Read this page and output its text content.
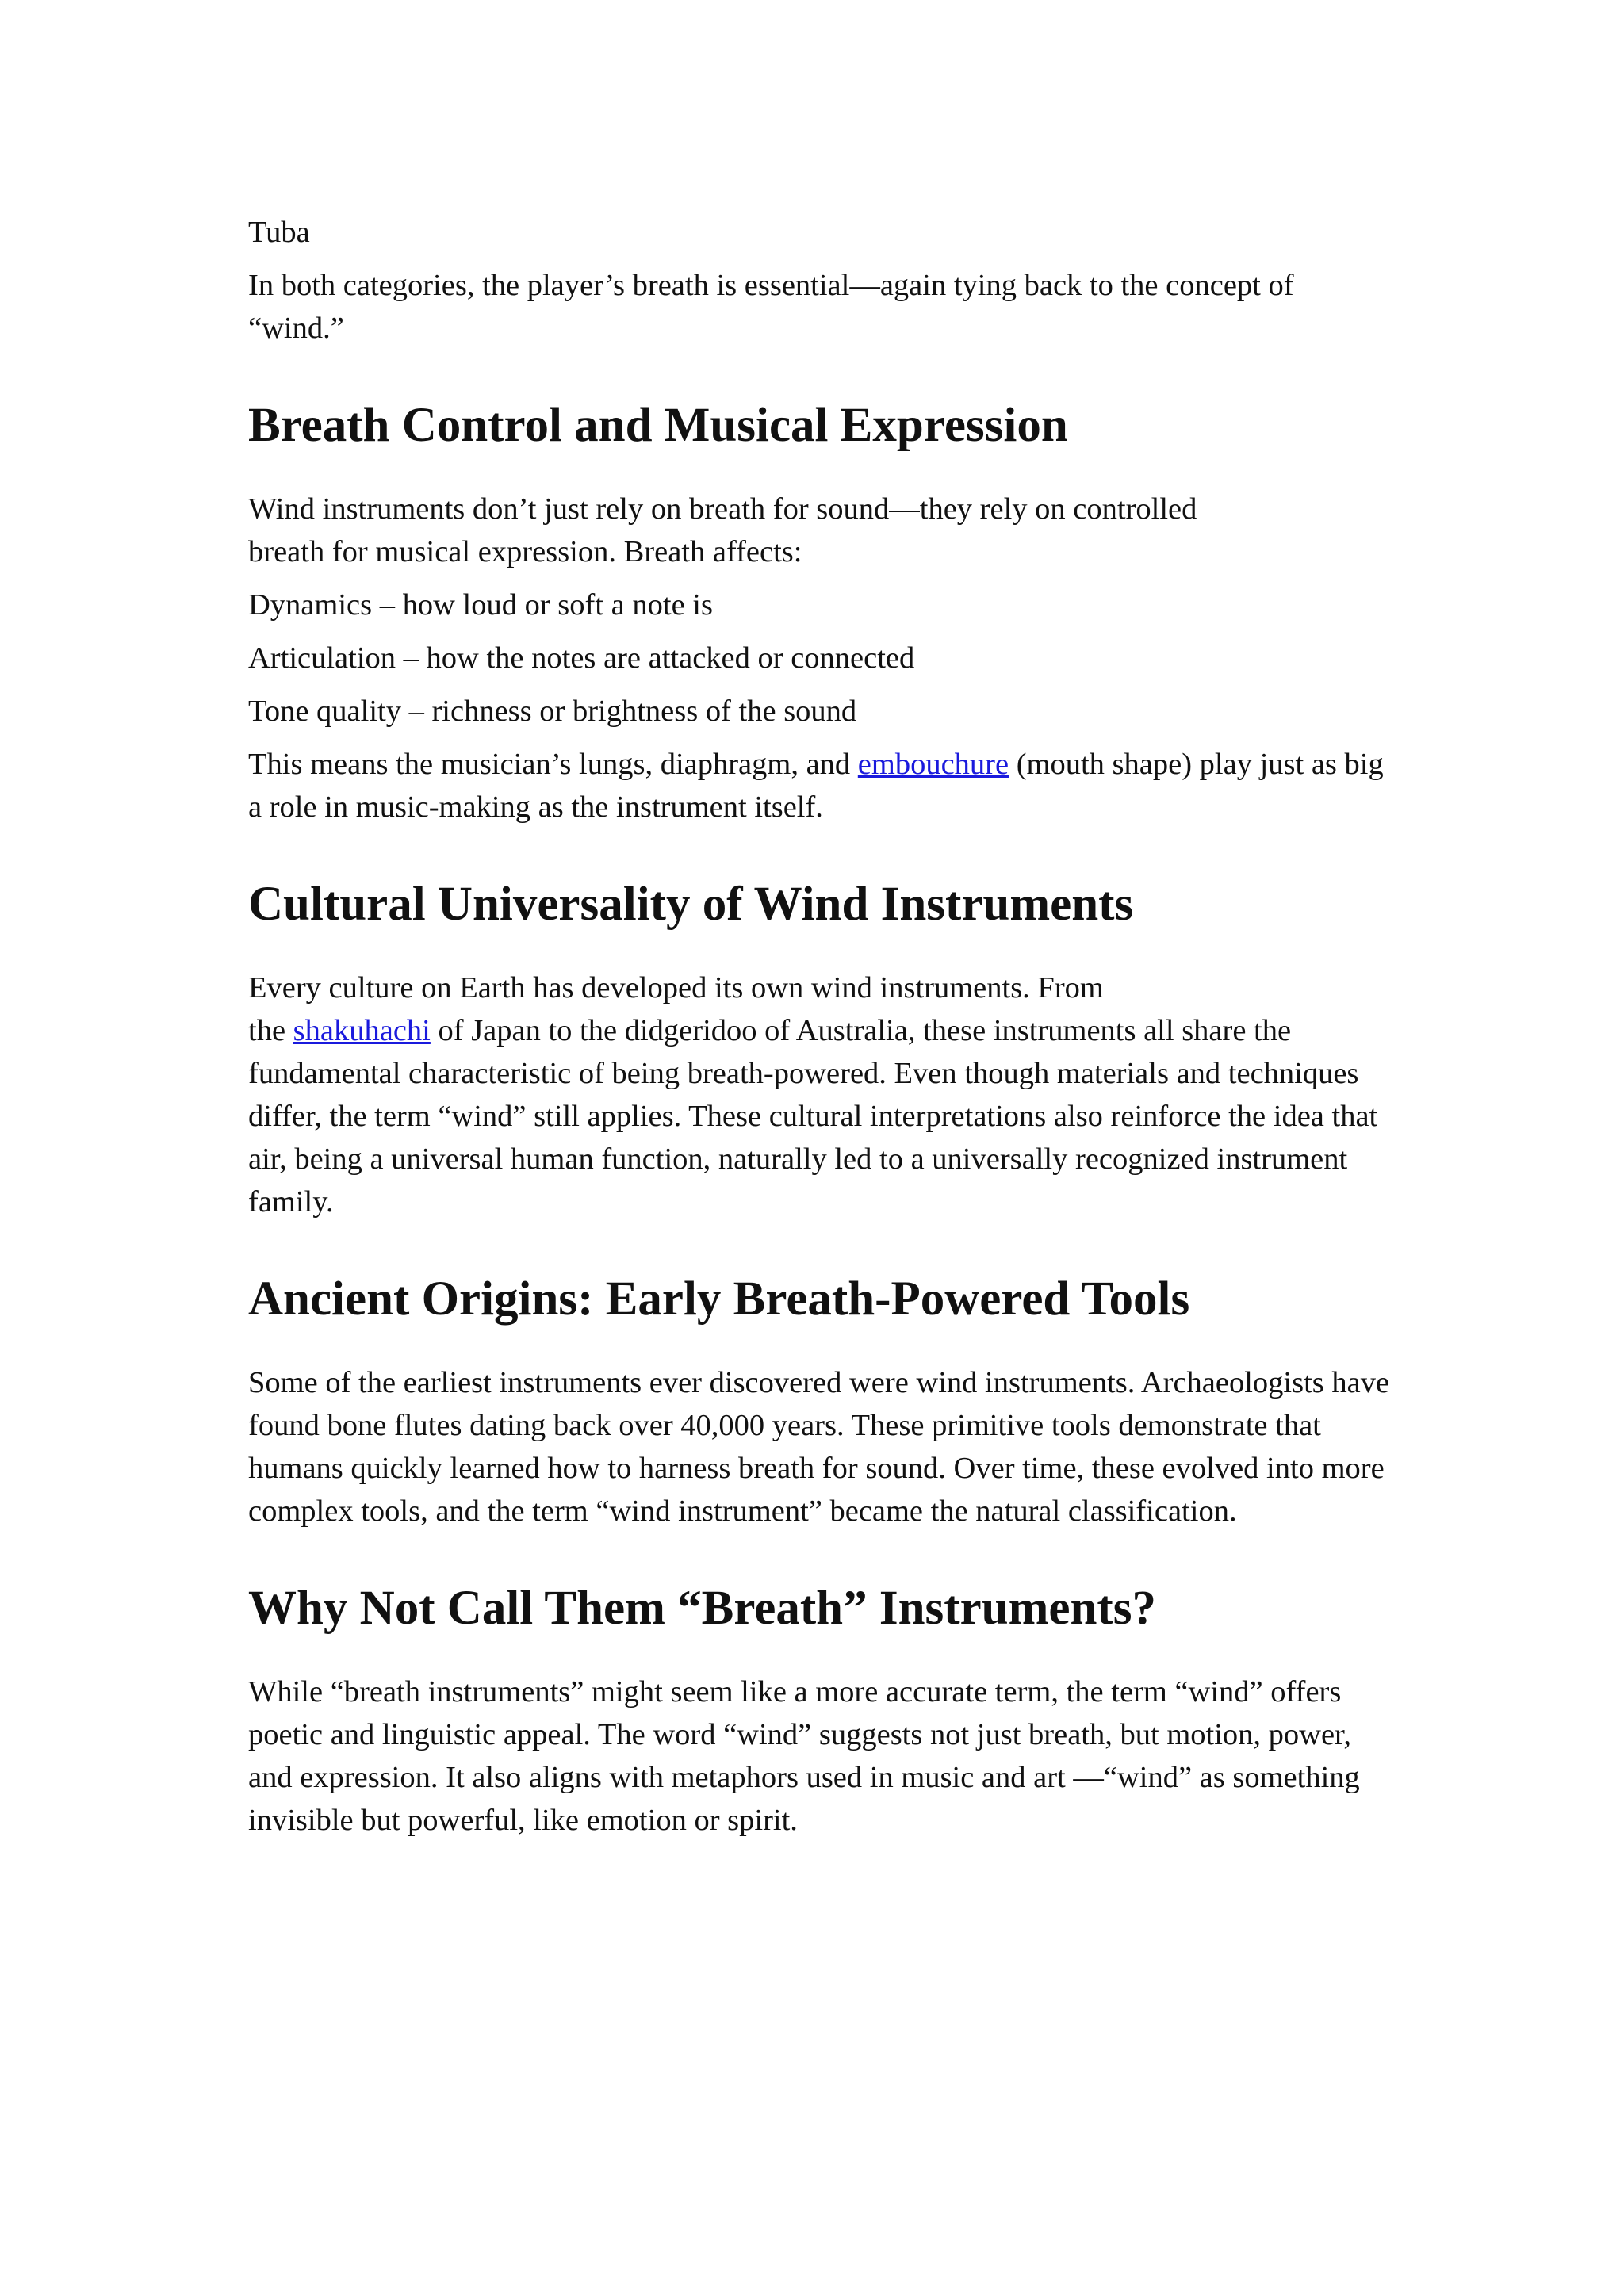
Tuba

In both categories, the player’s breath is essential—again tying back to the concept of “wind.”

Breath Control and Musical Expression

Wind instruments don’t just rely on breath for sound—they rely on controlled
breath for musical expression. Breath affects:

Dynamics – how loud or soft a note is

Articulation – how the notes are attacked or connected

Tone quality – richness or brightness of the sound

This means the musician’s lungs, diaphragm, and embouchure (mouth shape) play just as big a role in music-making as the instrument itself.

Cultural Universality of Wind Instruments

Every culture on Earth has developed its own wind instruments. From
the shakuhachi of Japan to the didgeridoo of Australia, these instruments all share the fundamental characteristic of being breath-powered. Even though materials and techniques differ, the term “wind” still applies. These cultural interpretations also reinforce the idea that air, being a universal human function, naturally led to a universally recognized instrument family.

Ancient Origins: Early Breath-Powered Tools

Some of the earliest instruments ever discovered were wind instruments. Archaeologists have found bone flutes dating back over 40,000 years. These primitive tools demonstrate that humans quickly learned how to harness breath for sound. Over time, these evolved into more complex tools, and the term “wind instrument” became the natural classification.

Why Not Call Them “Breath” Instruments?

While “breath instruments” might seem like a more accurate term, the term “wind” offers poetic and linguistic appeal. The word “wind” suggests not just breath, but motion, power, and expression. It also aligns with metaphors used in music and art —“wind” as something invisible but powerful, like emotion or spirit.
